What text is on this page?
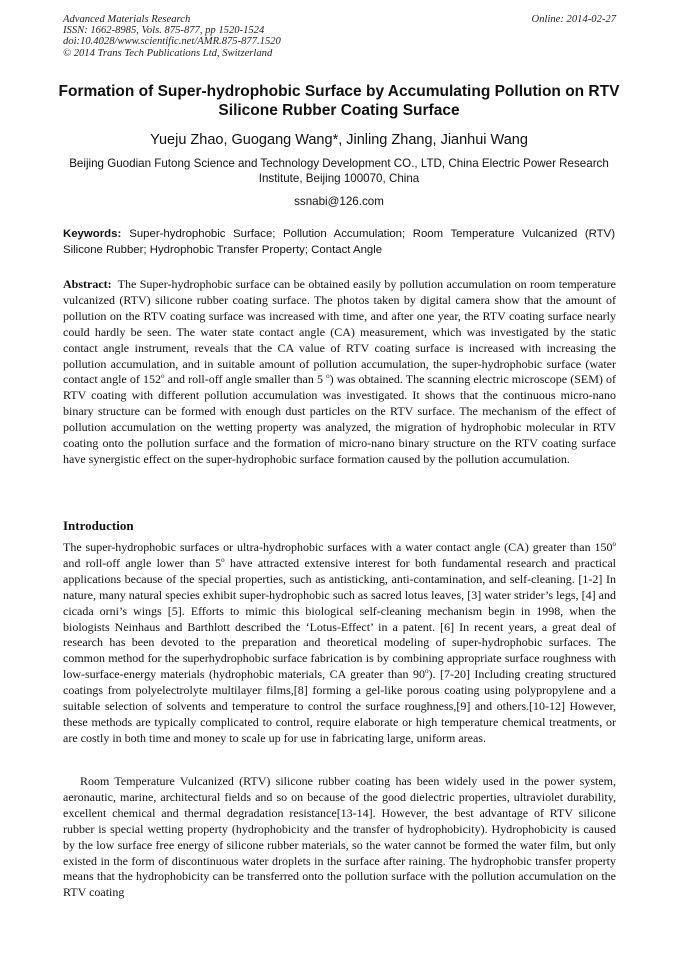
Advanced Materials Research
ISSN: 1662-8985, Vols. 875-877, pp 1520-1524
doi:10.4028/www.scientific.net/AMR.875-877.1520
© 2014 Trans Tech Publications Ltd, Switzerland
Online: 2014-02-27
Formation of Super-hydrophobic Surface by Accumulating Pollution on RTV Silicone Rubber Coating Surface
Yueju Zhao, Guogang Wang*, Jinling Zhang, Jianhui Wang
Beijing Guodian Futong Science and Technology Development CO., LTD, China Electric Power Research Institute, Beijing 100070, China
ssnabi@126.com
Keywords: Super-hydrophobic Surface; Pollution Accumulation; Room Temperature Vulcanized (RTV) Silicone Rubber; Hydrophobic Transfer Property; Contact Angle
Abstract: The Super-hydrophobic surface can be obtained easily by pollution accumulation on room temperature vulcanized (RTV) silicone rubber coating surface. The photos taken by digital camera show that the amount of pollution on the RTV coating surface was increased with time, and after one year, the RTV coating surface nearly could hardly be seen. The water state contact angle (CA) measurement, which was investigated by the static contact angle instrument, reveals that the CA value of RTV coating surface is increased with increasing the pollution accumulation, and in suitable amount of pollution accumulation, the super-hydrophobic surface (water contact angle of 152$^o$ and roll-off angle smaller than 5 $^o$) was obtained. The scanning electric microscope (SEM) of RTV coating with different pollution accumulation was investigated. It shows that the continuous micro-nano binary structure can be formed with enough dust particles on the RTV surface. The mechanism of the effect of pollution accumulation on the wetting property was analyzed, the migration of hydrophobic molecular in RTV coating onto the pollution surface and the formation of micro-nano binary structure on the RTV coating surface have synergistic effect on the super-hydrophobic surface formation caused by the pollution accumulation.
Introduction
The super-hydrophobic surfaces or ultra-hydrophobic surfaces with a water contact angle (CA) greater than 150$^o$ and roll-off angle lower than 5$^o$ have attracted extensive interest for both fundamental research and practical applications because of the special properties, such as antisticking, anti-contamination, and self-cleaning. [1-2] In nature, many natural species exhibit super-hydrophobic such as sacred lotus leaves, [3] water strider’s legs, [4] and cicada orni’s wings [5]. Efforts to mimic this biological self-cleaning mechanism begin in 1998, when the biologists Neinhaus and Barthlott described the ‘Lotus-Effect’ in a patent. [6] In recent years, a great deal of research has been devoted to the preparation and theoretical modeling of super-hydrophobic surfaces. The common method for the superhydrophobic surface fabrication is by combining appropriate surface roughness with low-surface-energy materials (hydrophobic materials, CA greater than 90$^o$). [7-20] Including creating structured coatings from polyelectrolyte multilayer films,[8] forming a gel-like porous coating using polypropylene and a suitable selection of solvents and temperature to control the surface roughness,[9] and others.[10-12] However, these methods are typically complicated to control, require elaborate or high temperature chemical treatments, or are costly in both time and money to scale up for use in fabricating large, uniform areas.
Room Temperature Vulcanized (RTV) silicone rubber coating has been widely used in the power system, aeronautic, marine, architectural fields and so on because of the good dielectric properties, ultraviolet durability, excellent chemical and thermal degradation resistance[13-14]. However, the best advantage of RTV silicone rubber is special wetting property (hydrophobicity and the transfer of hydrophobicity). Hydrophobicity is caused by the low surface free energy of silicone rubber materials, so the water cannot be formed the water film, but only existed in the form of discontinuous water droplets in the surface after raining. The hydrophobic transfer property means that the hydrophobicity can be transferred onto the pollution surface with the pollution accumulation on the RTV coating
